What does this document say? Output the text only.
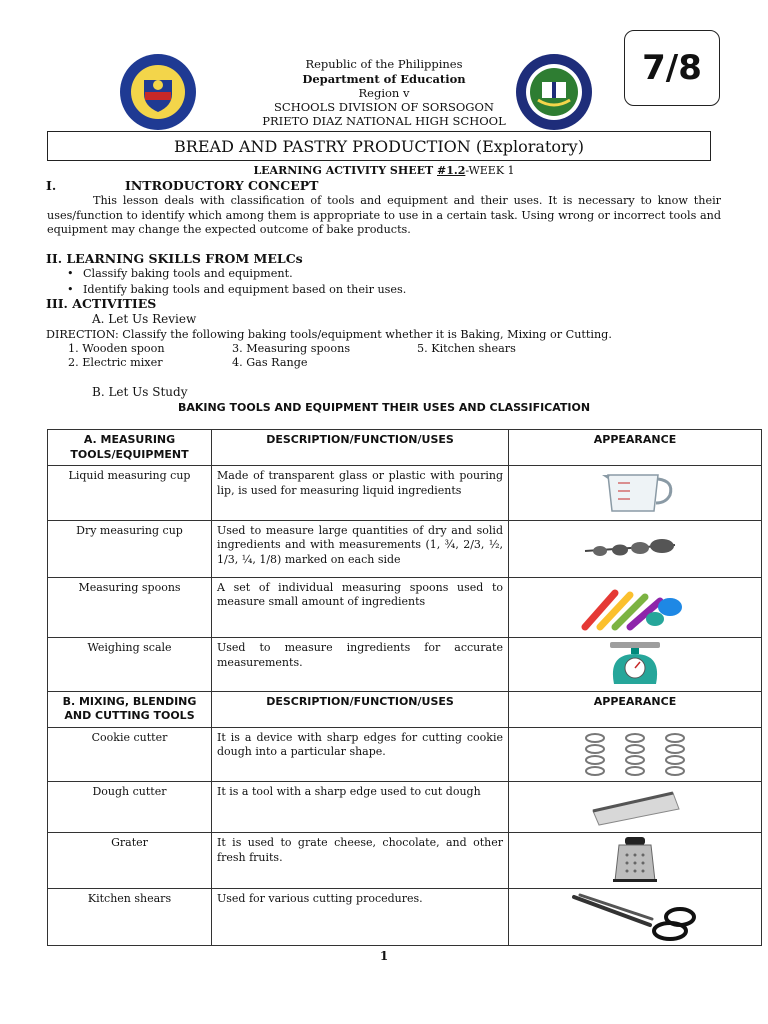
Republic of the Philippines
Department of Education
Region v
SCHOOLS DIVISION OF SORSOGON
PRIETO DIAZ NATIONAL HIGH SCHOOL
7/8
BREAD AND PASTRY PRODUCTION (Exploratory)
LEARNING ACTIVITY SHEET #1.2-WEEK 1
I.	INTRODUCTORY CONCEPT
This lesson deals with classification of tools and equipment and their uses. It is necessary to know their uses/function to identify which among them is appropriate to use in a certain task. Using wrong or incorrect tools and equipment may change the expected outcome of bake products.
II. LEARNING SKILLS FROM MELCs
• Classify baking tools and equipment.
• Identify baking tools and equipment based on their uses.
III. ACTIVITIES
A. Let Us Review
DIRECTION: Classify the following baking tools/equipment whether it is Baking, Mixing or Cutting.
1. Wooden spoon	3. Measuring spoons	5. Kitchen shears
2. Electric mixer	4. Gas Range
B. Let Us Study
BAKING TOOLS AND EQUIPMENT THEIR USES AND CLASSIFICATION
A. MEASURING TOOLS/EQUIPMENT	DESCRIPTION/FUNCTION/USES	APPEARANCE
Liquid measuring cup	Made of transparent glass or plastic with pouring lip, is used for measuring liquid ingredients	
Dry measuring cup	Used to measure large quantities of dry and solid ingredients and with measurements (1, ¾, 2/3, ½, 1/3, ¼, 1/8) marked on each side	
Measuring spoons	A set of individual measuring spoons used to measure small amount of ingredients	
Weighing scale	Used to measure ingredients for accurate measurements.	
B. MIXING, BLENDING AND CUTTING TOOLS	DESCRIPTION/FUNCTION/USES	APPEARANCE
Cookie cutter	It is a device with sharp edges for cutting cookie dough into a particular shape.	
Dough cutter	It is a tool with a sharp edge used to cut dough	
Grater	It is used to grate cheese, chocolate, and other fresh fruits.	
Kitchen shears	Used for various cutting procedures.	
1
